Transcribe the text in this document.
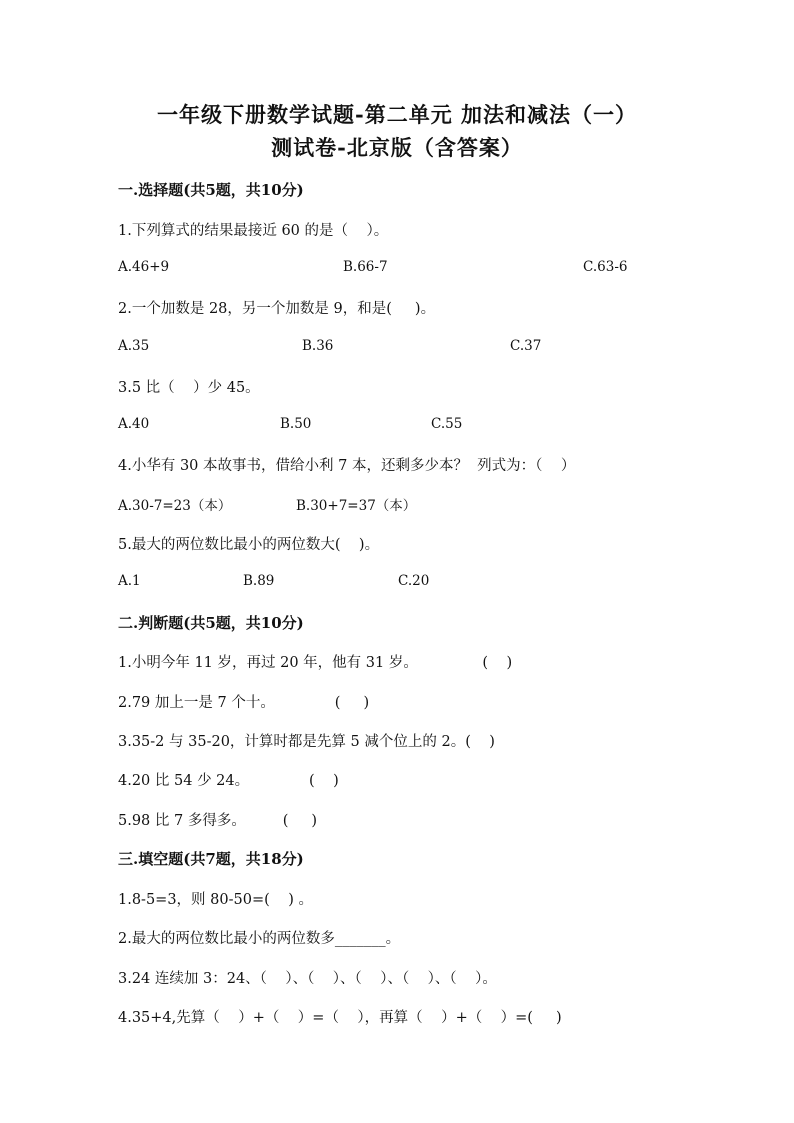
一年级下册数学试题-第二单元 加法和减法（一）
测试卷-北京版（含答案）
一.选择题(共5题，共10分)
1.下列算式的结果最接近 60 的是（    ）。
A.46+9	B.66-7	C.63-6
2.一个加数是 28，另一个加数是 9，和是(     )。
A.35	B.36	C.37
3.5 比（    ）少 45。
A.40	B.50	C.55
4.小华有 30 本故事书，借给小利 7 本，还剩多少本？  列式为：（    ）
A.30-7=23（本）	B.30+7=37（本）
5.最大的两位数比最小的两位数大(    )。
A.1	B.89	C.20
二.判断题(共5题，共10分)
1.小明今年 11 岁，再过 20 年，他有 31 岁。              (    )
2.79 加上一是 7 个十。             (     )
3.35-2 与 35-20，计算时都是先算 5 减个位上的 2。(    )
4.20 比 54 少 24。             (    )
5.98 比 7 多得多。        (     )
三.填空题(共7题，共18分)
1.8-5=3，则 80-50=(    ) 。
2.最大的两位数比最小的两位数多_______。
3.24 连续加 3：24、（    ）、（    ）、（    ）、（    ）、（    ）。
4.35+4,先算（    ）+（    ）=（    ），再算（    ）+（    ）=(     )
